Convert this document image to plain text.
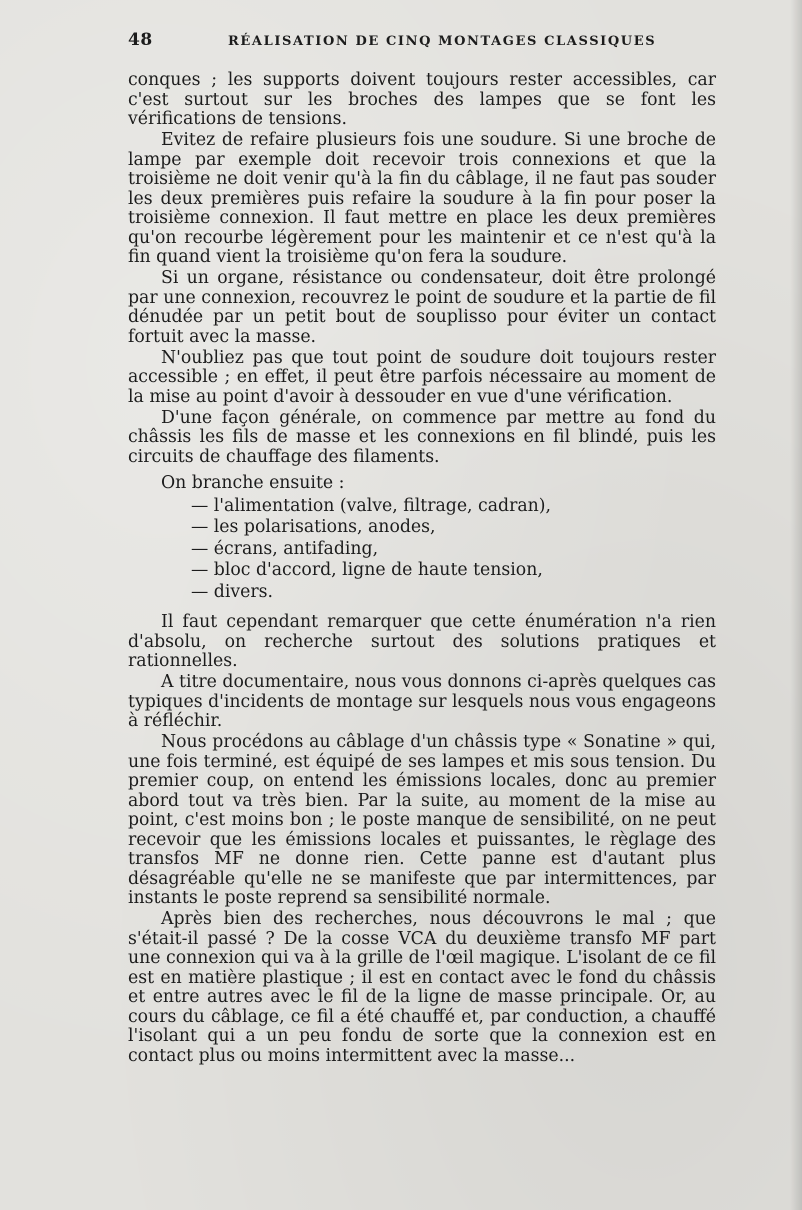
48	RÉALISATION DE CINQ MONTAGES CLASSIQUES

conques ; les supports doivent toujours rester accessibles, car c'est surtout sur les broches des lampes que se font les vérifications de tensions.

Evitez de refaire plusieurs fois une soudure. Si une broche de lampe par exemple doit recevoir trois connexions et que la troisième ne doit venir qu'à la fin du câblage, il ne faut pas souder les deux premières puis refaire la soudure à la fin pour poser la troisième connexion. Il faut mettre en place les deux premières qu'on recourbe légèrement pour les maintenir et ce n'est qu'à la fin quand vient la troisième qu'on fera la soudure.

Si un organe, résistance ou condensateur, doit être prolongé par une connexion, recouvrez le point de soudure et la partie de fil dénudée par un petit bout de souplisso pour éviter un contact fortuit avec la masse.

N'oubliez pas que tout point de soudure doit toujours rester accessible ; en effet, il peut être parfois nécessaire au moment de la mise au point d'avoir à dessouder en vue d'une vérification.

D'une façon générale, on commence par mettre au fond du châssis les fils de masse et les connexions en fil blindé, puis les circuits de chauffage des filaments.

On branche ensuite :

— l'alimentation (valve, filtrage, cadran),
— les polarisations, anodes,
— écrans, antifading,
— bloc d'accord, ligne de haute tension,
— divers.

Il faut cependant remarquer que cette énumération n'a rien d'absolu, on recherche surtout des solutions pratiques et rationnelles.

A titre documentaire, nous vous donnons ci-après quelques cas typiques d'incidents de montage sur lesquels nous vous engageons à réfléchir.

Nous procédons au câblage d'un châssis type « Sonatine » qui, une fois terminé, est équipé de ses lampes et mis sous tension. Du premier coup, on entend les émissions locales, donc au premier abord tout va très bien. Par la suite, au moment de la mise au point, c'est moins bon ; le poste manque de sensibilité, on ne peut recevoir que les émissions locales et puissantes, le règlage des transfos MF ne donne rien. Cette panne est d'autant plus désagréable qu'elle ne se manifeste que par intermittences, par instants le poste reprend sa sensibilité normale.

Après bien des recherches, nous découvrons le mal ; que s'était-il passé ? De la cosse VCA du deuxième transfo MF part une connexion qui va à la grille de l'œil magique. L'isolant de ce fil est en matière plastique ; il est en contact avec le fond du châssis et entre autres avec le fil de la ligne de masse principale. Or, au cours du câblage, ce fil a été chauffé et, par conduction, a chauffé l'isolant qui a un peu fondu de sorte que la connexion est en contact plus ou moins intermittent avec la masse...
